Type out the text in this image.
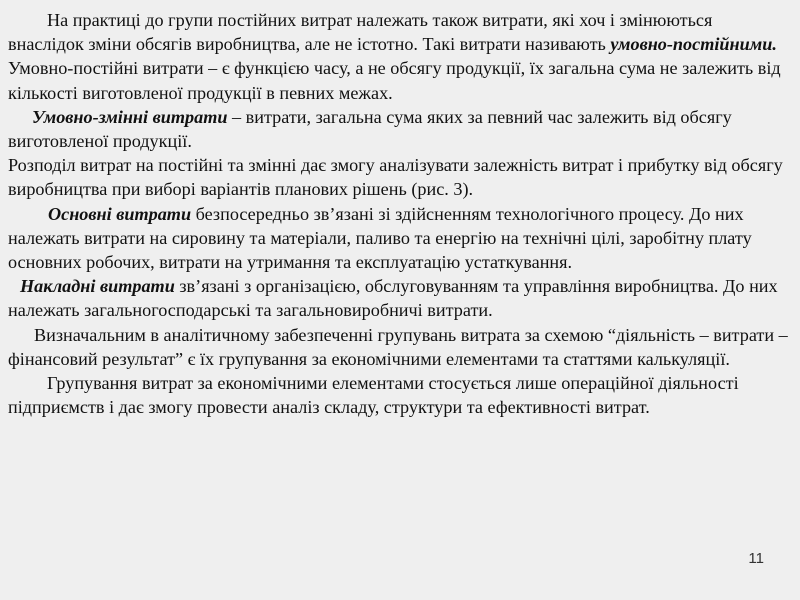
На практиці до групи постійних витрат належать також витрати, які хоч і змінюються внаслідок зміни обсягів виробництва, але не істотно. Такі витрати називають умовно-постійними. Умовно-постійні витрати – є функцією часу, а не обсягу продукції, їх загальна сума не залежить від кількості виготовленої продукції в певних межах.

Умовно-змінні витрати – витрати, загальна сума яких за певний час залежить від обсягу виготовленої продукції.

Розподіл витрат на постійні та змінні дає змогу аналізувати залежність витрат і прибутку від обсягу виробництва при виборі варіантів планових рішень (рис. 3).

Основні витрати безпосередньо зв’язані зі здійсненням технологічного процесу. До них належать витрати на сировину та матеріали, паливо та енергію на технічні цілі, заробітну плату основних робочих, витрати на утримання та експлуатацію устаткування.

Накладні витрати зв’язані з організацією, обслуговуванням та управління виробництва. До них належать загальногосподарські та загальновиробничі витрати.

Визначальним в аналітичному забезпеченні групувань витрата за схемою “діяльність – витрати – фінансовий результат” є їх групування за економічними елементами та статтями калькуляції.

Групування витрат за економічними елементами стосується лише операційної діяльності підприємств і дає змогу провести аналіз складу, структури та ефективності витрат.

11
